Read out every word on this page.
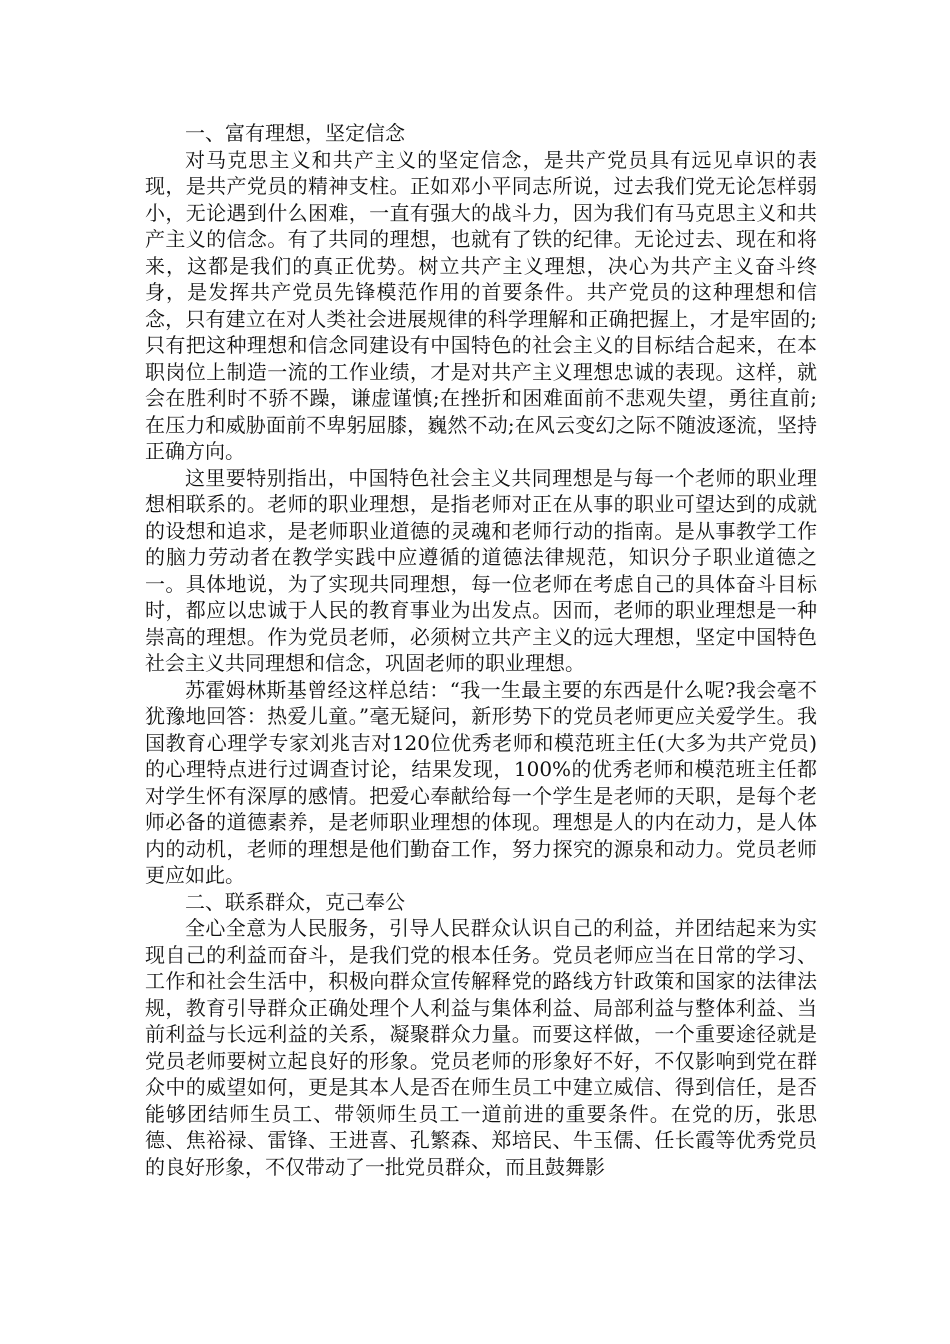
一、富有理想，坚定信念

对马克思主义和共产主义的坚定信念，是共产党员具有远见卓识的表现，是共产党员的精神支柱。正如邓小平同志所说，过去我们党无论怎样弱小，无论遇到什么困难，一直有强大的战斗力，因为我们有马克思主义和共产主义的信念。有了共同的理想，也就有了铁的纪律。无论过去、现在和将来，这都是我们的真正优势。树立共产主义理想，决心为共产主义奋斗终身，是发挥共产党员先锋模范作用的首要条件。共产党员的这种理想和信念，只有建立在对人类社会进展规律的科学理解和正确把握上，才是牢固的;只有把这种理想和信念同建设有中国特色的社会主义的目标结合起来，在本职岗位上制造一流的工作业绩，才是对共产主义理想忠诚的表现。这样，就会在胜利时不骄不躁，谦虚谨慎;在挫折和困难面前不悲观失望，勇往直前;在压力和威胁面前不卑躬屈膝，巍然不动;在风云变幻之际不随波逐流，坚持正确方向。

这里要特别指出，中国特色社会主义共同理想是与每一个老师的职业理想相联系的。老师的职业理想，是指老师对正在从事的职业可望达到的成就的设想和追求，是老师职业道德的灵魂和老师行动的指南。是从事教学工作的脑力劳动者在教学实践中应遵循的道德法律规范，知识分子职业道德之一。具体地说，为了实现共同理想，每一位老师在考虑自己的具体奋斗目标时，都应以忠诚于人民的教育事业为出发点。因而，老师的职业理想是一种崇高的理想。作为党员老师，必须树立共产主义的远大理想，坚定中国特色社会主义共同理想和信念，巩固老师的职业理想。

苏霍姆林斯基曾经这样总结：“我一生最主要的东西是什么呢?我会毫不犹豫地回答：热爱儿童。”毫无疑问，新形势下的党员老师更应关爱学生。我国教育心理学专家刘兆吉对120位优秀老师和模范班主任(大多为共产党员)的心理特点进行过调查讨论，结果发现，100%的优秀老师和模范班主任都对学生怀有深厚的感情。把爱心奉献给每一个学生是老师的天职，是每个老师必备的道德素养，是老师职业理想的体现。理想是人的内在动力，是人体内的动机，老师的理想是他们勤奋工作，努力探究的源泉和动力。党员老师更应如此。

二、联系群众，克己奉公

全心全意为人民服务，引导人民群众认识自己的利益，并团结起来为实现自己的利益而奋斗，是我们党的根本任务。党员老师应当在日常的学习、工作和社会生活中，积极向群众宣传解释党的路线方针政策和国家的法律法规，教育引导群众正确处理个人利益与集体利益、局部利益与整体利益、当前利益与长远利益的关系，凝聚群众力量。而要这样做，一个重要途径就是党员老师要树立起良好的形象。党员老师的形象好不好，不仅影响到党在群众中的威望如何，更是其本人是否在师生员工中建立威信、得到信任，是否能够团结师生员工、带领师生员工一道前进的重要条件。在党的历，张思德、焦裕禄、雷锋、王进喜、孔繁森、郑培民、牛玉儒、任长霞等优秀党员的良好形象，不仅带动了一批党员群众，而且鼓舞影
